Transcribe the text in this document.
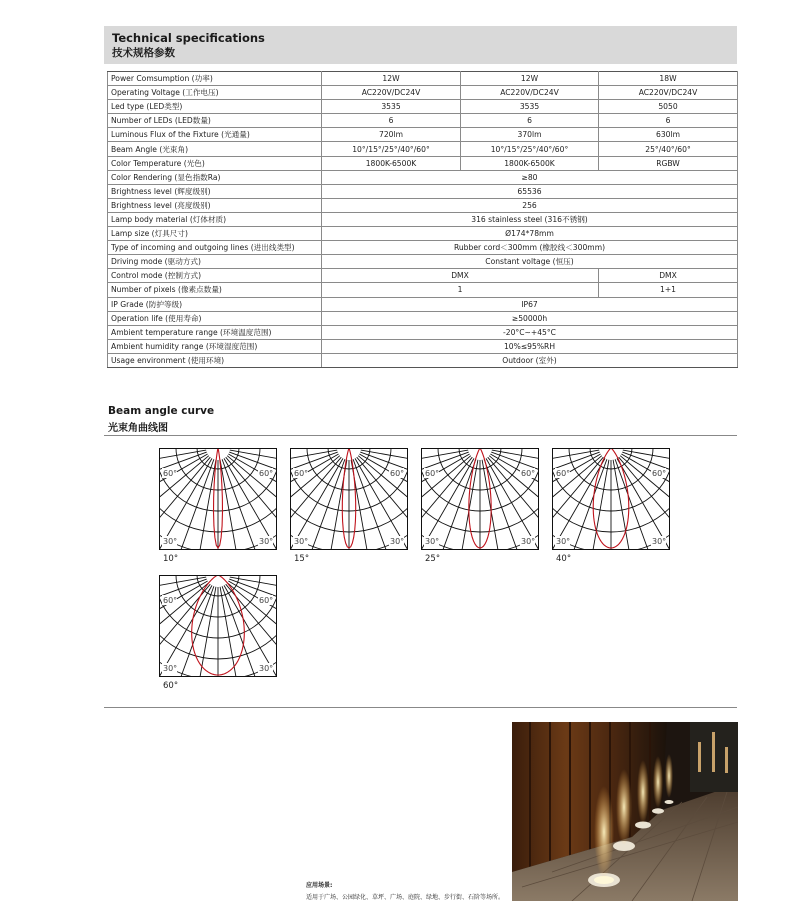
Technical specifications
技术规格参数
Power Comsumption (功率)	12W	12W	18W
Operating Voltage (工作电压)	AC220V/DC24V	AC220V/DC24V	AC220V/DC24V
Led type (LED类型)	3535	3535	5050
Number of LEDs (LED数量)	6	6	6
Luminous Flux of the Fixture (光通量)	720lm	370lm	630lm
Beam Angle (光束角)	10°/15°/25°/40°/60°	10°/15°/25°/40°/60°	25°/40°/60°
Color Temperature (光色)	1800K-6500K	1800K-6500K	RGBW
Color Rendering (显色指数Ra)	≥80		
Brightness level (辉度级别)	65536		
Brightness level (亮度级别)	256		
Lamp body material (灯体材质)	316 stainless steel (316不锈钢)		
Lamp size (灯具尺寸)	Ø174*78mm		
Type of incoming and outgoing lines (进出线类型)	Rubber cord＜300mm (橡胶线＜300mm)		
Driving mode (驱动方式)	Constant voltage (恒压)		
Control mode (控制方式)	DMX		DMX
Number of pixels (像素点数量)	1		1+1
IP Grade (防护等级)	IP67		
Operation life (使用寿命)	≥50000h		
Ambient temperature range (环境温度范围)	-20°C~+45°C		
Ambient humidity range (环境湿度范围)	10%≤95%RH		
Usage environment (使用环境)	Outdoor (室外)		
Beam angle curve
光束角曲线图
60°	60°
30°	30°
10°
60°	60°
30°	30°
15°
60°	60°
30°	30°
25°
60°	60°
30°	30°
40°
60°	60°
30°	30°
60°
应用场景:
适用于广场、公园绿化、草坪、广场、庭院、绿地、步行街、石阶等场所。
